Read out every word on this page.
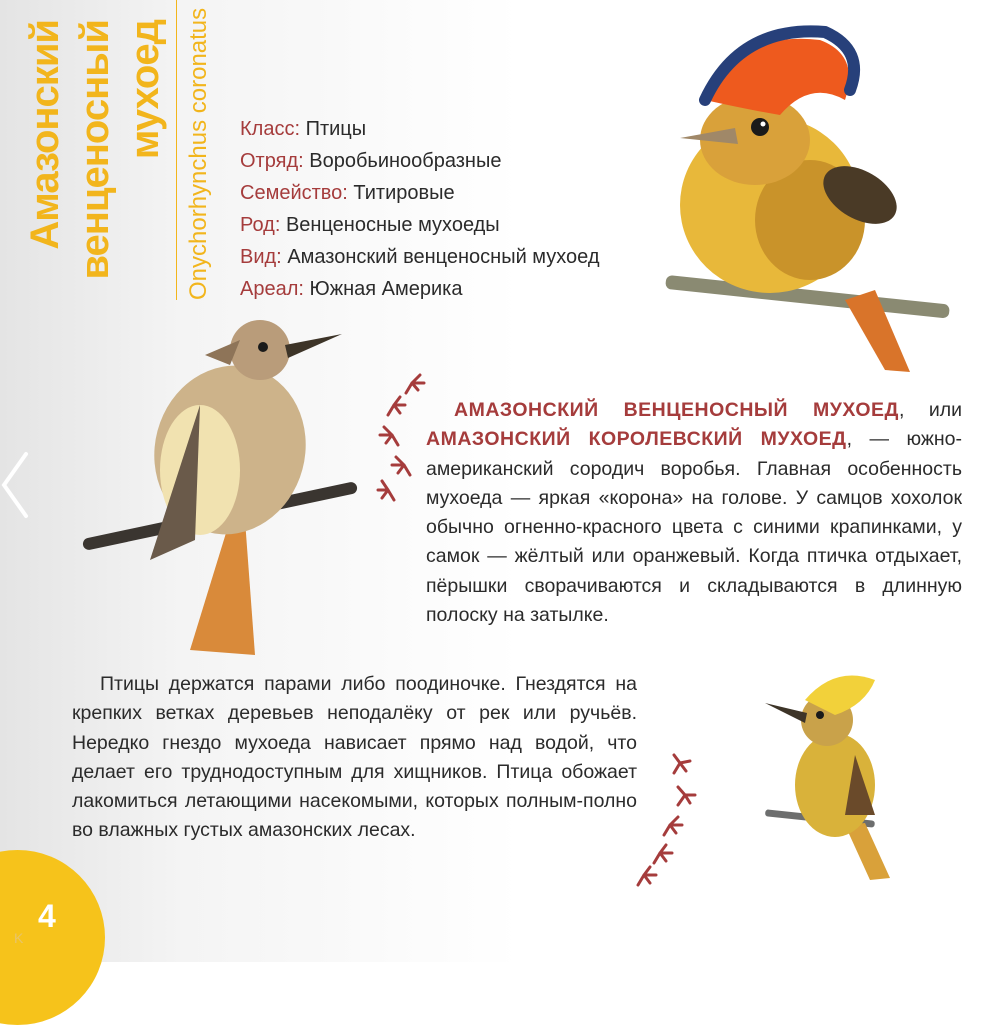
Амазонский венценосный мухоед Onychorhynchus coronatus	Класс: Птицы
Отряд: Воробьинообразные
Семейство: Титировые
Род: Венценосные мухоеды
Вид: Амазонский венценосный мухоед
Ареал: Южная Америка
АМАЗОНСКИЙ ВЕНЦЕНОСНЫЙ МУХОЕД, или АМАЗОНСКИЙ КОРОЛЕВСКИЙ МУХОЕД, — южно-американский сородич воробья. Главная особенность мухоеда — яркая «корона» на голове. У самцов хохолок обычно огненно-красного цвета с синими крапинками, у самок — жёлтый или оранжевый. Когда птичка отдыхает, пёрышки сворачиваются и складываются в длинную полоску на затылке.
Птицы держатся парами либо поодиночке. Гнездятся на крепких ветках деревьев неподалёку от рек или ручьёв. Нередко гнездо мухоеда нависает прямо над водой, что делает его труднодоступным для хищников. Птица обожает лакомиться летающими насекомыми, которых полным-полно во влажных густых амазонских лесах.
4
K
